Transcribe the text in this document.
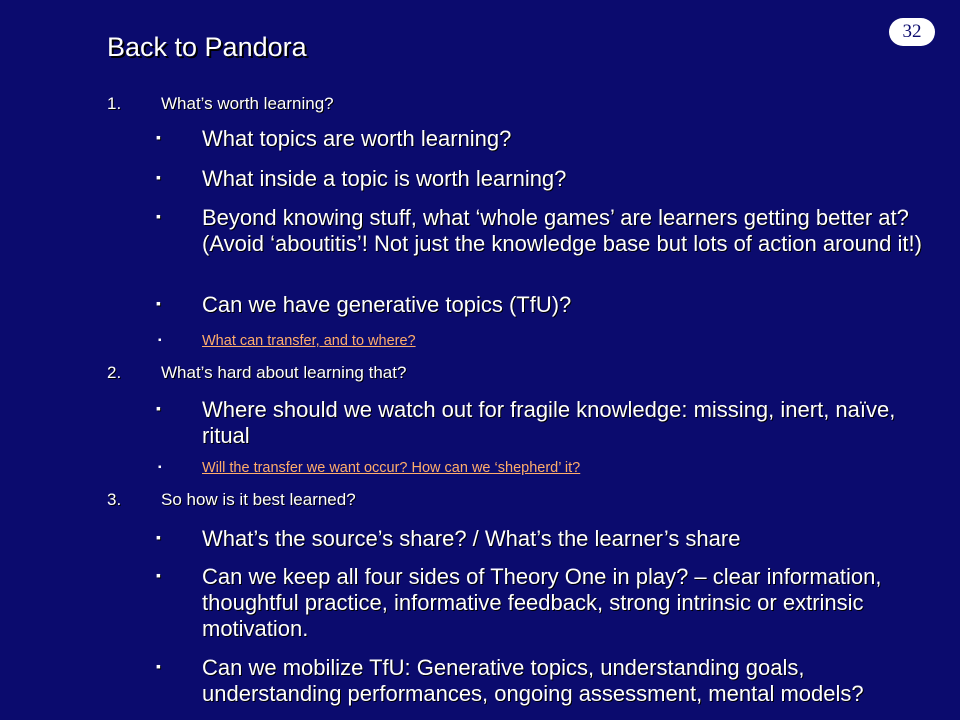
Back to Pandora
32
1. What’s worth learning?
▪ What topics are worth learning?
▪ What inside a topic is worth learning?
▪ Beyond knowing stuff, what ‘whole games’ are learners getting better at? (Avoid ‘aboutitis’! Not just the knowledge base but lots of action around it!)
▪ Can we have generative topics (TfU)?
▪	What can transfer, and to where?
2. What’s hard about learning that?
▪ Where should we watch out for fragile knowledge: missing, inert, naïve, ritual
▪	Will the transfer we want occur? How can we ‘shepherd’ it?
3. So how is it best learned?
▪ What’s the source’s share? / What’s the learner’s share
▪ Can we keep all four sides of Theory One in play? – clear information, thoughtful practice, informative feedback, strong intrinsic or extrinsic motivation.
▪ Can we mobilize TfU: Generative topics, understanding goals, understanding performances, ongoing assessment, mental models?
